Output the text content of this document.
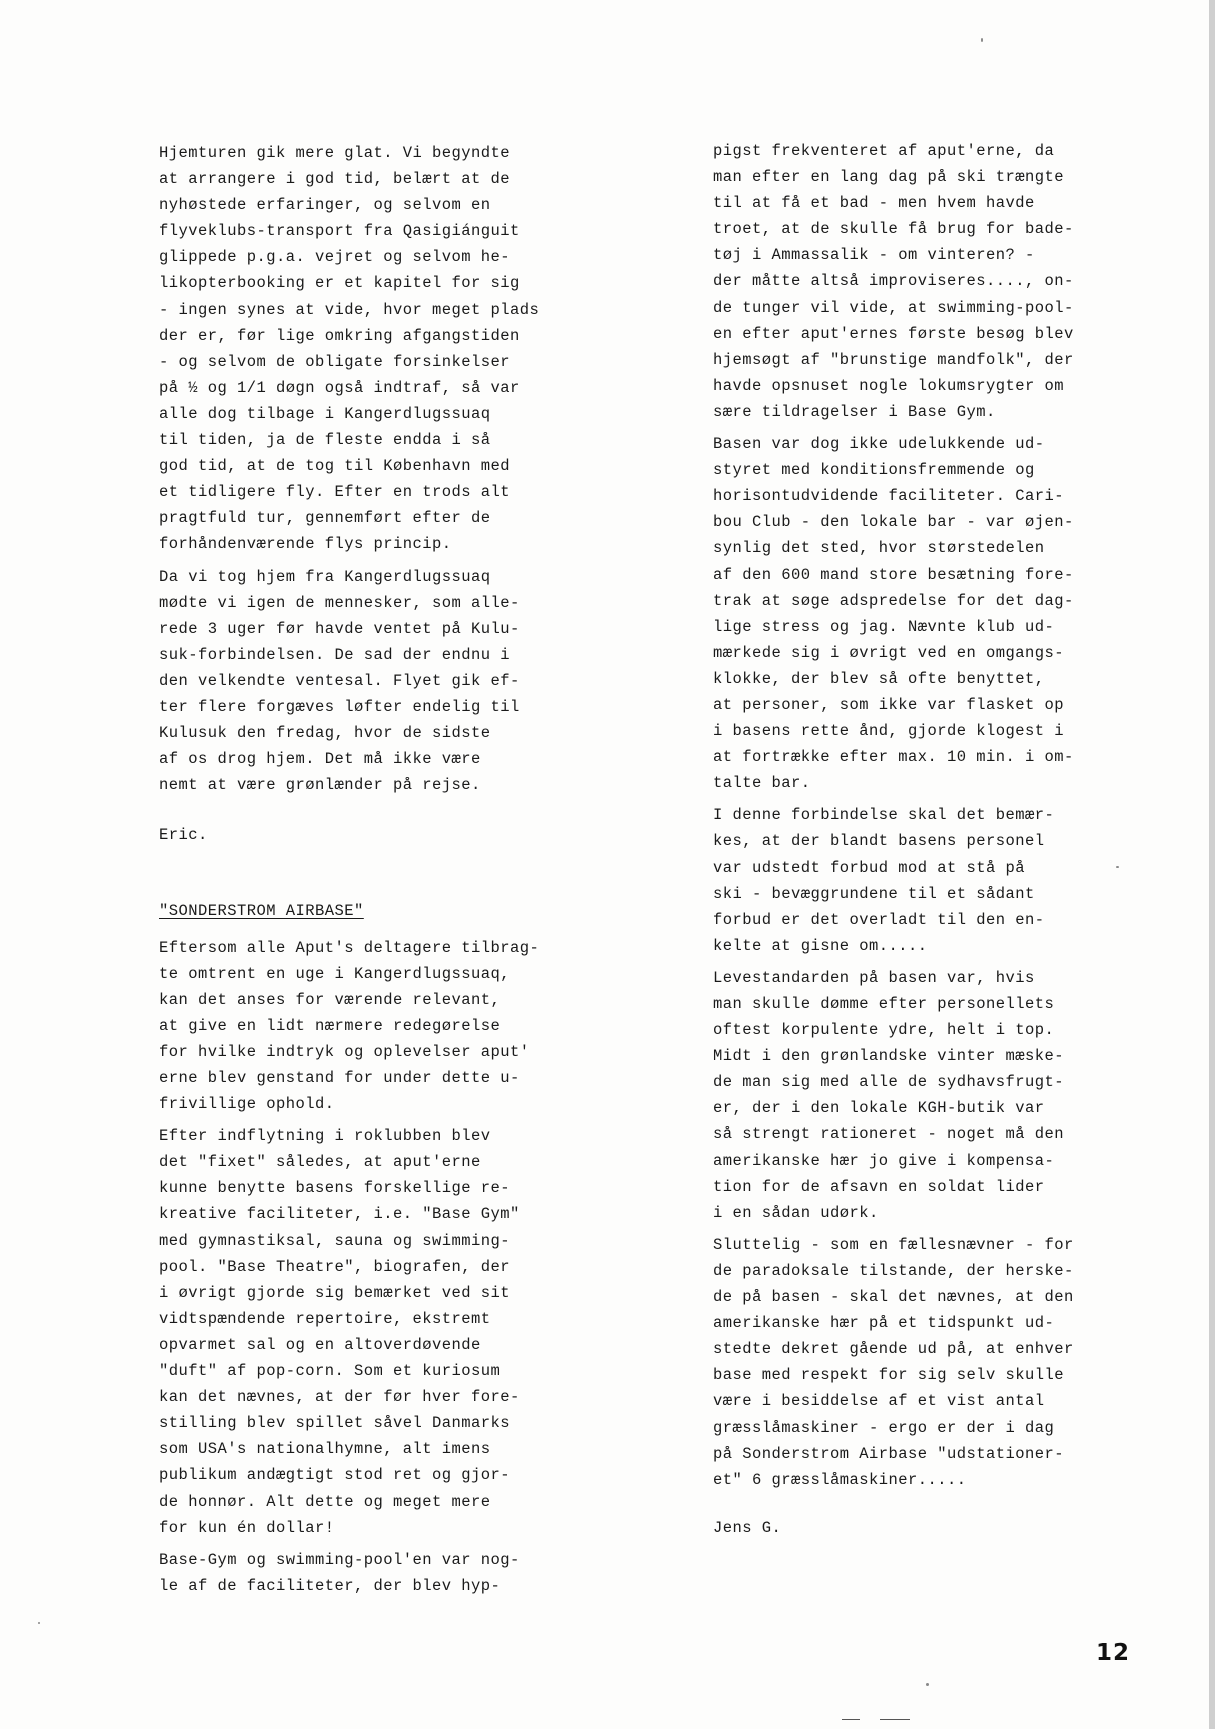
Hjemturen gik mere glat. Vi begyndte
at arrangere i god tid, belært at de
nyhøstede erfaringer, og selvom en
flyveklubs-transport fra Qasigiánguit
glippede p.g.a. vejret og selvom he-
likopterbooking er et kapitel for sig
- ingen synes at vide, hvor meget plads
der er, før lige omkring afgangstiden
- og selvom de obligate forsinkelser
på ½ og 1/1 døgn også indtraf, så var
alle dog tilbage i Kangerdlugssuaq
til tiden, ja de fleste endda i så
god tid, at de tog til København med
et tidligere fly. Efter en trods alt
pragtfuld tur, gennemført efter de
forhåndenværende flys princip.
Da vi tog hjem fra Kangerdlugssuaq
mødte vi igen de mennesker, som alle-
rede 3 uger før havde ventet på Kulu-
suk-forbindelsen. De sad der endnu i
den velkendte ventesal. Flyet gik ef-
ter flere forgæves løfter endelig til
Kulusuk den fredag, hvor de sidste
af os drog hjem. Det må ikke være
nemt at være grønlænder på rejse.
Eric.
"SONDERSTROM AIRBASE"
Eftersom alle Aput's deltagere tilbrag-
te omtrent en uge i Kangerdlugssuaq,
kan det anses for værende relevant,
at give en lidt nærmere redegørelse
for hvilke indtryk og oplevelser aput'
erne blev genstand for under dette u-
frivillige ophold.
Efter indflytning i roklubben blev
det "fixet" således, at aput'erne
kunne benytte basens forskellige re-
kreative faciliteter, i.e. "Base Gym"
med gymnastiksal, sauna og swimming-
pool. "Base Theatre", biografen, der
i øvrigt gjorde sig bemærket ved sit
vidtspændende repertoire, ekstremt
opvarmet sal og en altoverdøvende
"duft" af pop-corn. Som et kuriosum
kan det nævnes, at der før hver fore-
stilling blev spillet såvel Danmarks
som USA's nationalhymne, alt imens
publikum andægtigt stod ret og gjor-
de honnør. Alt dette og meget mere
for kun én dollar!
Base-Gym og swimming-pool'en var nog-
le af de faciliteter, der blev hyp-
pigst frekventeret af aput'erne, da
man efter en lang dag på ski trængte
til at få et bad - men hvem havde
troet, at de skulle få brug for bade-
tøj i Ammassalik - om vinteren? -
der måtte altså improviseres...., on-
de tunger vil vide, at swimming-pool-
en efter aput'ernes første besøg blev
hjemsøgt af "brunstige mandfolk", der
havde opsnuset nogle lokumsrygter om
sære tildragelser i Base Gym.
Basen var dog ikke udelukkende ud-
styret med konditionsfremmende og
horisontudvidende faciliteter. Cari-
bou Club - den lokale bar - var øjen-
synlig det sted, hvor størstedelen
af den 600 mand store besætning fore-
trak at søge adspredelse for det dag-
lige stress og jag. Nævnte klub ud-
mærkede sig i øvrigt ved en omgangs-
klokke, der blev så ofte benyttet,
at personer, som ikke var flasket op
i basens rette ånd, gjorde klogest i
at fortrække efter max. 10 min. i om-
talte bar.
I denne forbindelse skal det bemær-
kes, at der blandt basens personel
var udstedt forbud mod at stå på
ski - bevæggrundene til et sådant
forbud er det overladt til den en-
kelte at gisne om.....
Levestandarden på basen var, hvis
man skulle dømme efter personellets
oftest korpulente ydre, helt i top.
Midt i den grønlandske vinter mæske-
de man sig med alle de sydhavsfrugt-
er, der i den lokale KGH-butik var
så strengt rationeret - noget må den
amerikanske hær jo give i kompensa-
tion for de afsavn en soldat lider
i en sådan udørk.
Sluttelig - som en fællesnævner - for
de paradoksale tilstande, der herske-
de på basen - skal det nævnes, at den
amerikanske hær på et tidspunkt ud-
stedte dekret gående ud på, at enhver
base med respekt for sig selv skulle
være i besiddelse af et vist antal
græsslåmaskiner - ergo er der i dag
på Sonderstrom Airbase "udstationer-
et" 6 græsslåmaskiner.....
Jens G.
12
